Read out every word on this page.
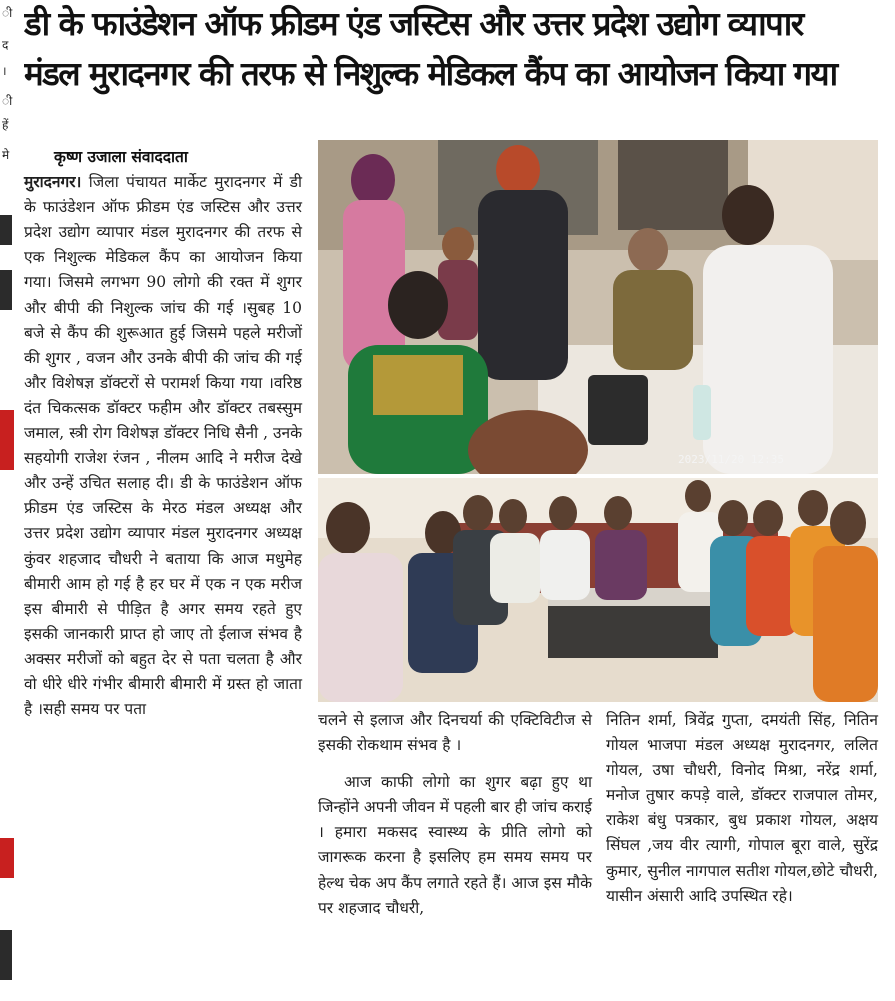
ी
द
।
ी
हें
मे
डी के फाउंडेशन ऑफ फ्रीडम एंड जस्टिस और उत्तर प्रदेश उद्योग व्यापार
मंडल मुरादनगर की तरफ से निशुल्क मेडिकल कैंप का आयोजन किया गया

कृष्ण उजाला संवाददाता

मुरादनगर। जिला पंचायत मार्केट मुरादनगर में डी के फाउंडेशन ऑफ फ्रीडम एंड जस्टिस और उत्तर प्रदेश उद्योग व्यापार मंडल मुरादनगर की तरफ से एक निशुल्क मेडिकल कैंप का आयोजन किया गया। जिसमे लगभग 90 लोगो की रक्त में शुगर और बीपी की निशुल्क जांच की गई ।सुबह 10 बजे से कैंप की शुरूआत हुई जिसमे पहले मरीजों की शुगर , वजन और उनके बीपी की जांच की गई और विशेषज्ञ डॉक्टरों से परामर्श किया गया ।वरिष्ठ दंत चिकत्सक डॉक्टर फहीम और डॉक्टर तबस्सुम जमाल, स्त्री रोग विशेषज्ञ डॉक्टर निधि सैनी , उनके सहयोगी राजेश रंजन , नीलम आदि ने मरीज देखे और उन्हें उचित सलाह दी। डी के फाउंडेशन ऑफ फ्रीडम एंड जस्टिस के मेरठ मंडल अध्यक्ष और उत्तर प्रदेश उद्योग व्यापार मंडल मुरादनगर अध्यक्ष कुंवर शहजाद चौधरी ने बताया कि आज मधुमेह बीमारी आम हो गई है हर घर में एक न एक मरीज इस बीमारी से पीड़ित है अगर समय रहते हुए इसकी जानकारी प्राप्त हो जाए तो ईलाज संभव है अक्सर मरीजों को बहुत देर से पता चलता है और वो धीरे धीरे गंभीर बीमारी बीमारी में ग्रस्त हो जाता है ।सही समय पर पता

2023/11/20 12:35

चलने से इलाज और दिनचर्या की एक्टिविटीज से इसकी रोकथाम संभव है ।

आज काफी लोगो का शुगर बढ़ा हुए था जिन्होंने अपनी जीवन में पहली बार ही जांच कराई । हमारा मकसद स्वास्थ्य के प्रीति लोगो को जागरूक करना है इसलिए हम समय समय पर हेल्थ चेक अप कैंप लगाते रहते हैं। आज इस मौके पर शहजाद चौधरी,

नितिन शर्मा, त्रिवेंद्र गुप्ता, दमयंती सिंह, नितिन गोयल भाजपा मंडल अध्यक्ष मुरादनगर, ललित गोयल, उषा चौधरी, विनोद मिश्रा, नरेंद्र शर्मा, मनोज तुषार कपड़े वाले, डॉक्टर राजपाल तोमर, राकेश बंधु पत्रकार, बुध प्रकाश गोयल, अक्षय सिंघल ,जय वीर त्यागी, गोपाल बूरा वाले, सुरेंद्र कुमार, सुनील नागपाल सतीश गोयल,छोटे चौधरी, यासीन अंसारी आदि उपस्थित रहे।
